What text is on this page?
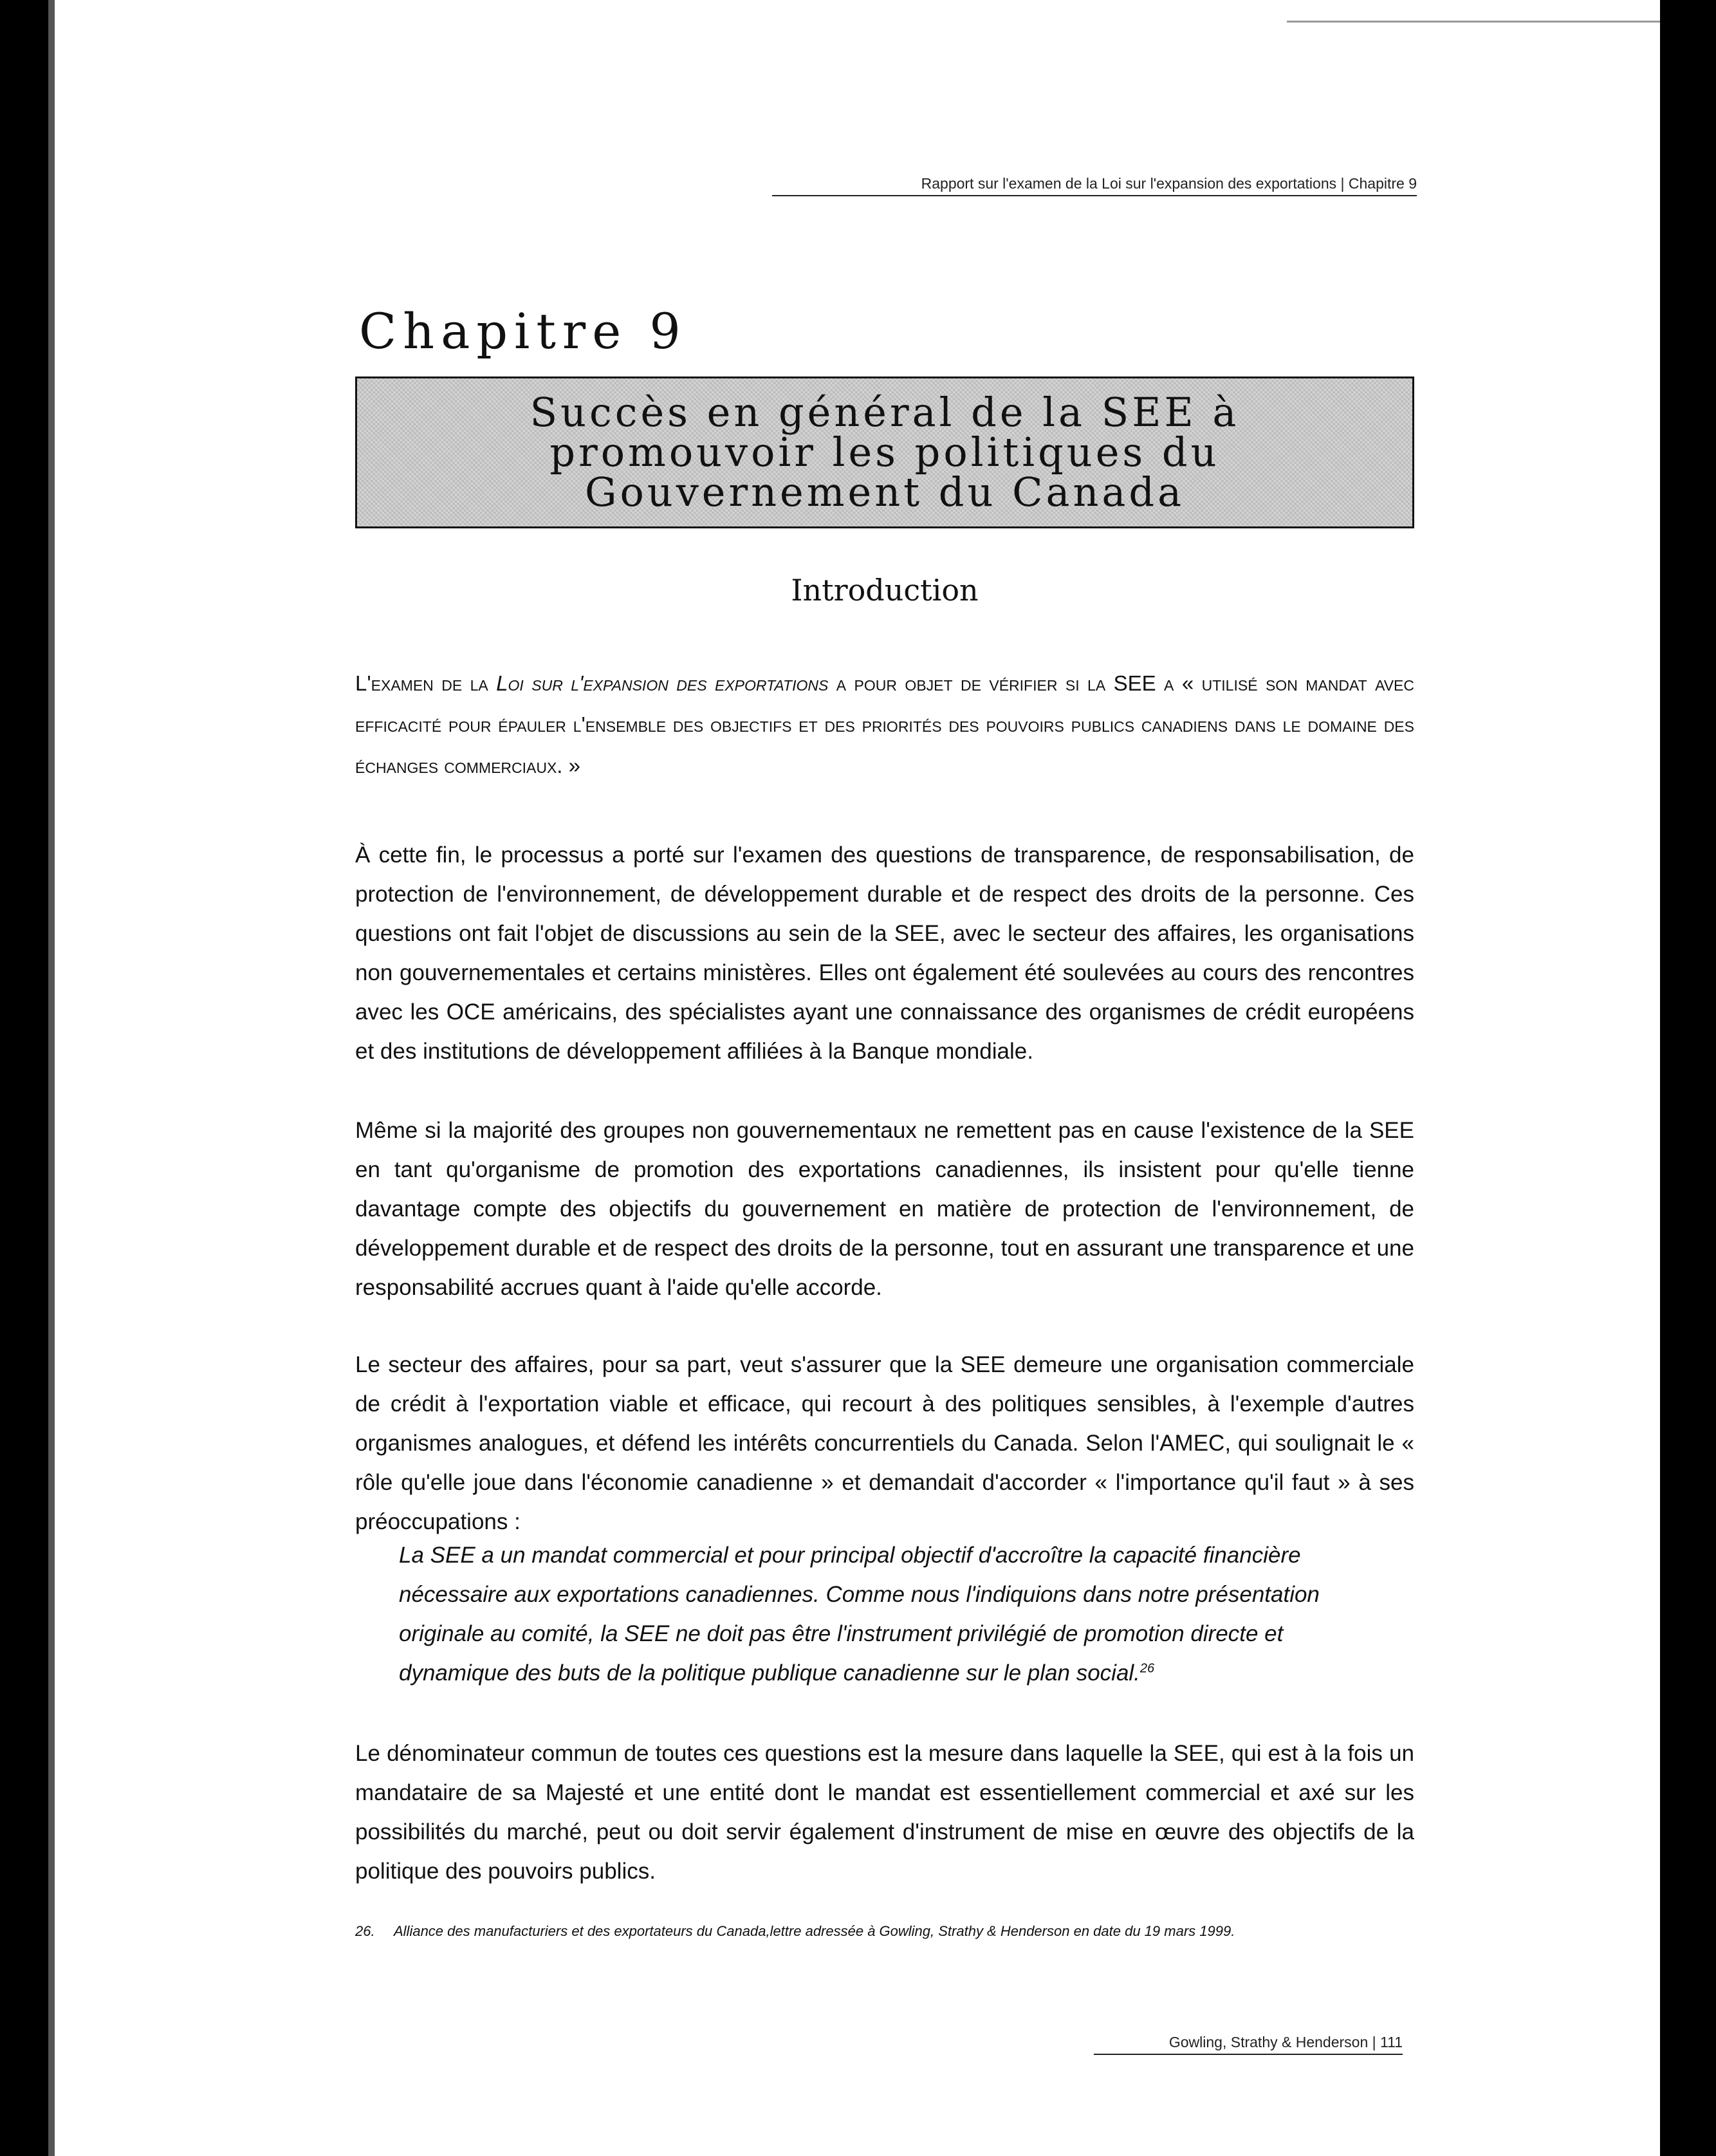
Rapport sur l'examen de la Loi sur l'expansion des exportations | Chapitre 9
Chapitre 9
Succès en général de la SEE à
promouvoir les politiques du
Gouvernement du Canada
Introduction

L'examen de la Loi sur l'expansion des exportations a pour objet de vérifier si la SEE a « utilisé son mandat avec efficacité pour épauler l'ensemble des objectifs et des priorités des pouvoirs publics canadiens dans le domaine des échanges commerciaux. »

À cette fin, le processus a porté sur l'examen des questions de transparence, de responsabilisation, de protection de l'environnement, de développement durable et de respect des droits de la personne. Ces questions ont fait l'objet de discussions au sein de la SEE, avec le secteur des affaires, les organisations non gouvernementales et certains ministères. Elles ont également été soulevées au cours des rencontres avec les OCE américains, des spécialistes ayant une connaissance des organismes de crédit européens et des institutions de développement affiliées à la Banque mondiale.

Même si la majorité des groupes non gouvernementaux ne remettent pas en cause l'existence de la SEE en tant qu'organisme de promotion des exportations canadiennes, ils insistent pour qu'elle tienne davantage compte des objectifs du gouvernement en matière de protection de l'environnement, de développement durable et de respect des droits de la personne, tout en assurant une transparence et une responsabilité accrues quant à l'aide qu'elle accorde.

Le secteur des affaires, pour sa part, veut s'assurer que la SEE demeure une organisation commerciale de crédit à l'exportation viable et efficace, qui recourt à des politiques sensibles, à l'exemple d'autres organismes analogues, et défend les intérêts concurrentiels du Canada. Selon l'AMEC, qui soulignait le « rôle qu'elle joue dans l'économie canadienne » et demandait d'accorder « l'importance qu'il faut » à ses préoccupations :

La SEE a un mandat commercial et pour principal objectif d'accroître la capacité financière nécessaire aux exportations canadiennes. Comme nous l'indiquions dans notre présentation originale au comité, la SEE ne doit pas être l'instrument privilégié de promotion directe et dynamique des buts de la politique publique canadienne sur le plan social.$^{26}$

Le dénominateur commun de toutes ces questions est la mesure dans laquelle la SEE, qui est à la fois un mandataire de sa Majesté et une entité dont le mandat est essentiellement commercial et axé sur les possibilités du marché, peut ou doit servir également d'instrument de mise en œuvre des objectifs de la politique des pouvoirs publics.

26. Alliance des manufacturiers et des exportateurs du Canada,lettre adressée à Gowling, Strathy & Henderson en date du 19 mars 1999.

Gowling, Strathy & Henderson | 111
